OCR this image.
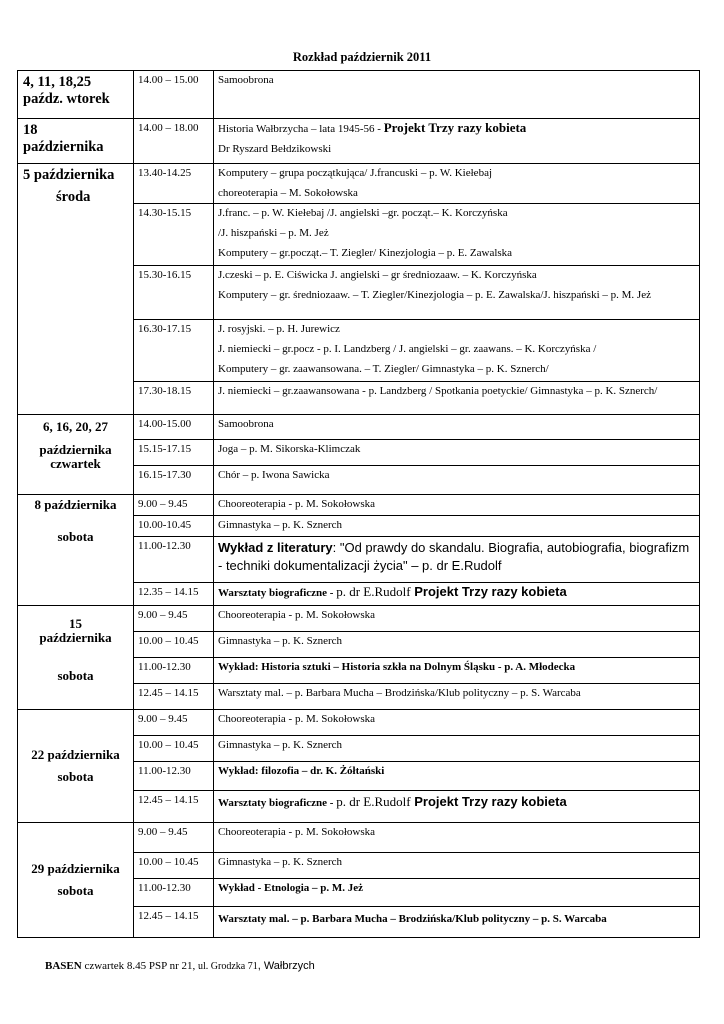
Rozkład październik 2011
4, 11, 18,25
paźdz. wtorek	14.00 – 15.00	Samoobrona

18
października	14.00 – 18.00	Historia Wałbrzycha – lata 1945-56 - Projekt Trzy razy kobieta
Dr Ryszard Bełdzikowski

5 października
środa	13.40-14.25	Komputery – grupa początkująca/ J.francuski – p. W. Kiełebaj
choreoterapia – M. Sokołowska

	14.30-15.15	J.franc. – p. W. Kiełebaj /J. angielski –gr. począt.– K. Korczyńska
/J. hiszpański – p. M. Jeż
Komputery – gr.począt.– T. Ziegler/ Kinezjologia – p. E. Zawalska

	15.30-16.15	J.czeski – p. E. Ciświcka J. angielski – gr średniozaaw. – K. Korczyńska
Komputery – gr. średniozaaw. – T. Ziegler/Kinezjologia – p. E. Zawalska/J. hiszpański – p. M. Jeż

	16.30-17.15	J. rosyjski. – p. H. Jurewicz
J. niemiecki – gr.pocz - p. I. Landzberg / J. angielski – gr. zaawans. – K. Korczyńska /
Komputery – gr. zaawansowana. – T. Ziegler/ Gimnastyka – p. K. Sznerch/

	17.30-18.15	J. niemiecki – gr.zaawansowana - p. Landzberg / Spotkania poetyckie/ Gimnastyka – p. K. Sznerch/

6, 16, 20, 27
października
czwartek	14.00-15.00	Samoobrona
	15.15-17.15	Joga – p. M. Sikorska-Klimczak
	16.15-17.30	Chór – p. Iwona Sawicka

8 października
sobota	9.00 – 9.45	Chooreoterapia - p. M. Sokołowska
	10.00-10.45	Gimnastyka – p. K. Sznerch
	11.00-12.30	Wykład z literatury: "Od prawdy do skandalu. Biografia, autobiografia, biografizm - techniki dokumentalizacji życia" – p. dr E.Rudolf
	12.35 – 14.15	Warsztaty biograficzne - p. dr E.Rudolf Projekt Trzy razy kobieta

15
października
sobota	9.00 – 9.45	Chooreoterapia - p. M. Sokołowska
	10.00 – 10.45	Gimnastyka – p. K. Sznerch
	11.00-12.30	Wykład: Historia sztuki – Historia szkła na Dolnym Śląsku - p. A. Młodecka
	12.45 – 14.15	Warsztaty mal. – p. Barbara Mucha – Brodzińska/Klub polityczny – p. S. Warcaba

22 października
sobota	9.00 – 9.45	Chooreoterapia - p. M. Sokołowska
	10.00 – 10.45	Gimnastyka – p. K. Sznerch
	11.00-12.30	Wykład: filozofia – dr. K. Żółtański
	12.45 – 14.15	Warsztaty biograficzne - p. dr E.Rudolf Projekt Trzy razy kobieta

29 października
sobota	9.00 – 9.45	Chooreoterapia - p. M. Sokołowska
	10.00 – 10.45	Gimnastyka – p. K. Sznerch
	11.00-12.30	Wykład - Etnologia – p. M. Jeż
	12.45 – 14.15	Warsztaty mal. – p. Barbara Mucha – Brodzińska/Klub polityczny – p. S. Warcaba
BASEN czwartek 8.45 PSP nr 21, ul. Grodzka 71, Wałbrzych
